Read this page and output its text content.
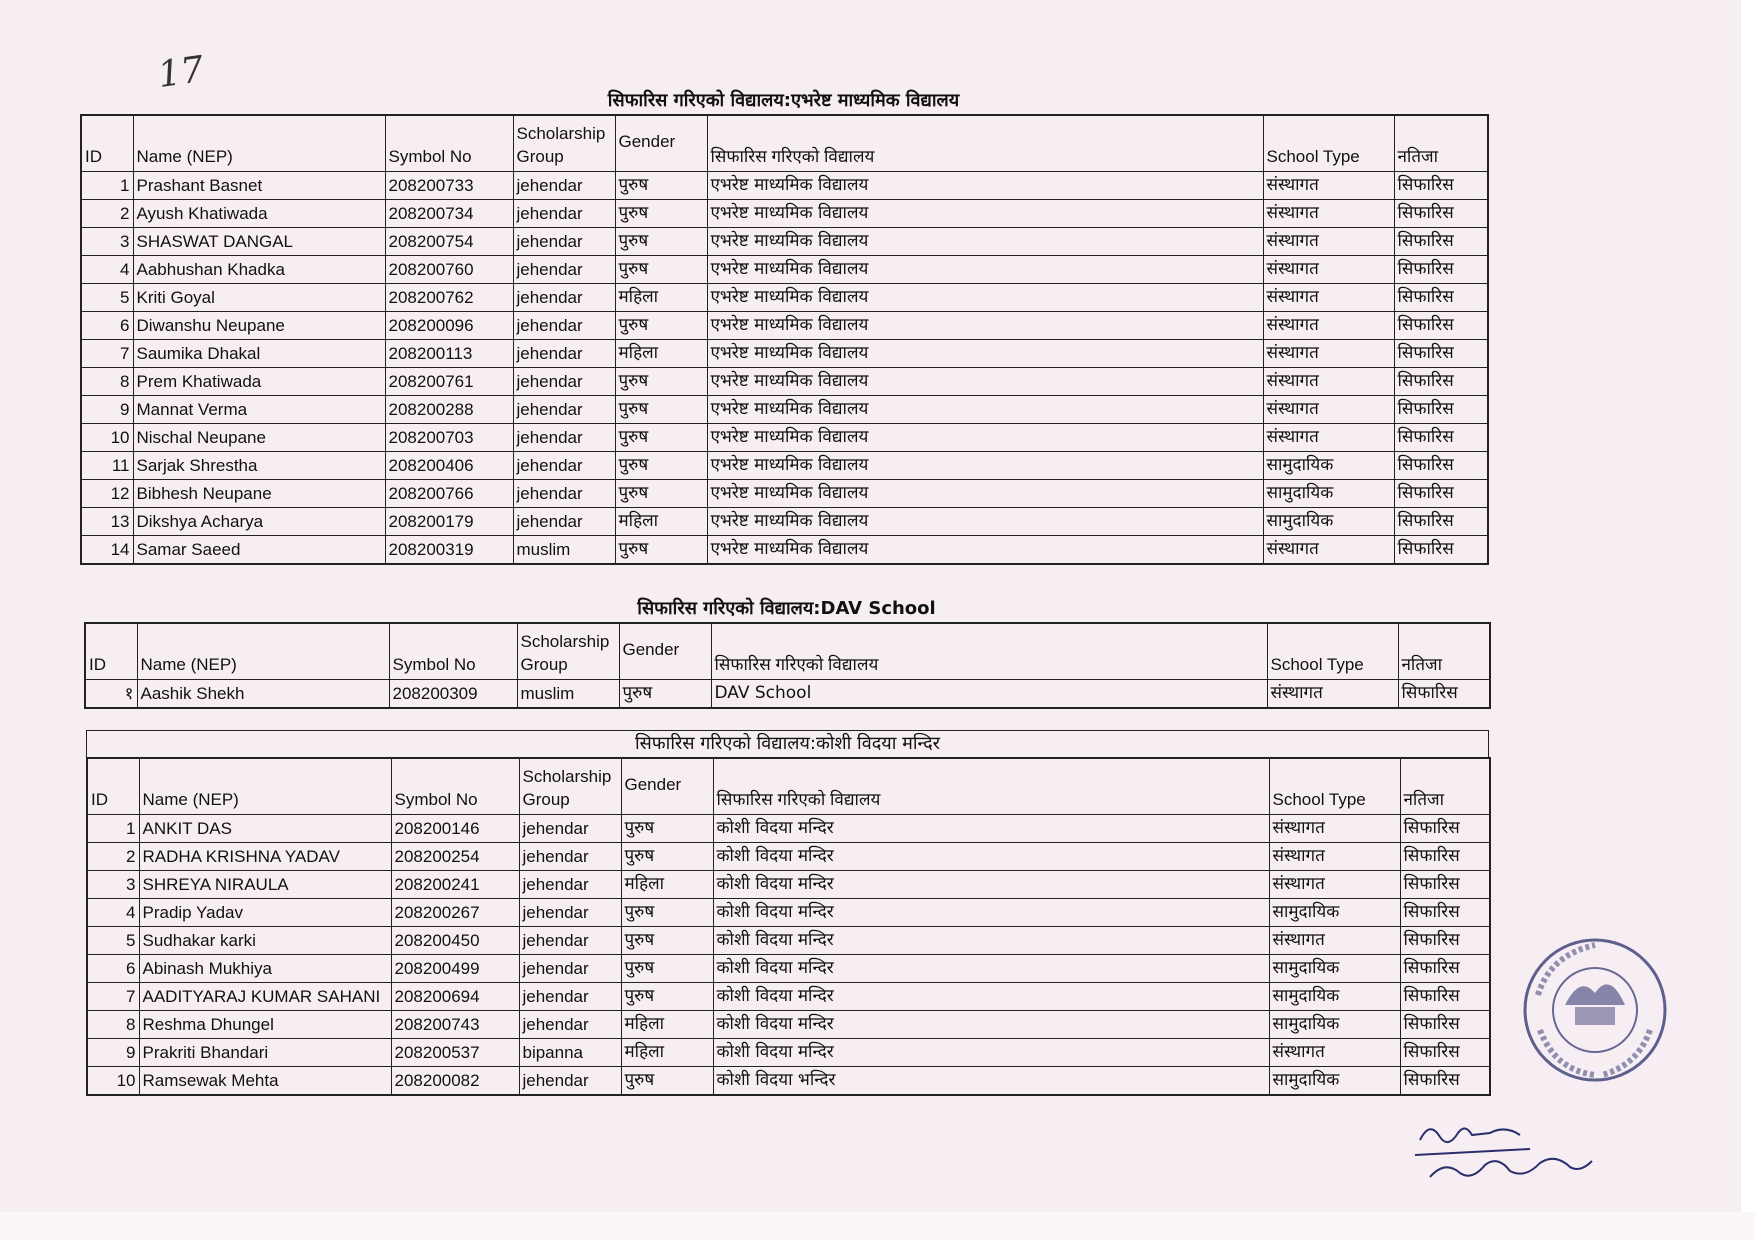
17
सिफारिस गरिएको विद्यालय:एभरेष्ट माध्यमिक विद्यालय
ID	Name (NEP)	Symbol No	Scholarship Group	Gender	सिफारिस गरिएको विद्यालय	School Type	नतिजा
1	Prashant Basnet	208200733	jehendar	पुरुष	एभरेष्ट माध्यमिक विद्यालय	संस्थागत	सिफारिस
2	Ayush Khatiwada	208200734	jehendar	पुरुष	एभरेष्ट माध्यमिक विद्यालय	संस्थागत	सिफारिस
3	SHASWAT DANGAL	208200754	jehendar	पुरुष	एभरेष्ट माध्यमिक विद्यालय	संस्थागत	सिफारिस
4	Aabhushan Khadka	208200760	jehendar	पुरुष	एभरेष्ट माध्यमिक विद्यालय	संस्थागत	सिफारिस
5	Kriti Goyal	208200762	jehendar	महिला	एभरेष्ट माध्यमिक विद्यालय	संस्थागत	सिफारिस
6	Diwanshu Neupane	208200096	jehendar	पुरुष	एभरेष्ट माध्यमिक विद्यालय	संस्थागत	सिफारिस
7	Saumika Dhakal	208200113	jehendar	महिला	एभरेष्ट माध्यमिक विद्यालय	संस्थागत	सिफारिस
8	Prem Khatiwada	208200761	jehendar	पुरुष	एभरेष्ट माध्यमिक विद्यालय	संस्थागत	सिफारिस
9	Mannat Verma	208200288	jehendar	पुरुष	एभरेष्ट माध्यमिक विद्यालय	संस्थागत	सिफारिस
10	Nischal Neupane	208200703	jehendar	पुरुष	एभरेष्ट माध्यमिक विद्यालय	संस्थागत	सिफारिस
11	Sarjak Shrestha	208200406	jehendar	पुरुष	एभरेष्ट माध्यमिक विद्यालय	सामुदायिक	सिफारिस
12	Bibhesh Neupane	208200766	jehendar	पुरुष	एभरेष्ट माध्यमिक विद्यालय	सामुदायिक	सिफारिस
13	Dikshya Acharya	208200179	jehendar	महिला	एभरेष्ट माध्यमिक विद्यालय	सामुदायिक	सिफारिस
14	Samar Saeed	208200319	muslim	पुरुष	एभरेष्ट माध्यमिक विद्यालय	संस्थागत	सिफारिस
सिफारिस गरिएको विद्यालय:DAV School
ID	Name (NEP)	Symbol No	Scholarship Group	Gender	सिफारिस गरिएको विद्यालय	School Type	नतिजा
१	Aashik Shekh	208200309	muslim	पुरुष	DAV School	संस्थागत	सिफारिस
सिफारिस गरिएको विद्यालय:कोशी विदया मन्दिर
ID	Name (NEP)	Symbol No	Scholarship Group	Gender	सिफारिस गरिएको विद्यालय	School Type	नतिजा
1	ANKIT DAS	208200146	jehendar	पुरुष	कोशी विदया मन्दिर	संस्थागत	सिफारिस
2	RADHA KRISHNA YADAV	208200254	jehendar	पुरुष	कोशी विदया मन्दिर	संस्थागत	सिफारिस
3	SHREYA NIRAULA	208200241	jehendar	महिला	कोशी विदया मन्दिर	संस्थागत	सिफारिस
4	Pradip Yadav	208200267	jehendar	पुरुष	कोशी विदया मन्दिर	सामुदायिक	सिफारिस
5	Sudhakar karki	208200450	jehendar	पुरुष	कोशी विदया मन्दिर	संस्थागत	सिफारिस
6	Abinash Mukhiya	208200499	jehendar	पुरुष	कोशी विदया मन्दिर	सामुदायिक	सिफारिस
7	AADITYARAJ KUMAR SAHANI	208200694	jehendar	पुरुष	कोशी विदया मन्दिर	सामुदायिक	सिफारिस
8	Reshma Dhungel	208200743	jehendar	महिला	कोशी विदया मन्दिर	सामुदायिक	सिफारिस
9	Prakriti Bhandari	208200537	bipanna	महिला	कोशी विदया मन्दिर	संस्थागत	सिफारिस
10	Ramsewak Mehta	208200082	jehendar	पुरुष	कोशी विदया भन्दिर	सामुदायिक	सिफारिस
